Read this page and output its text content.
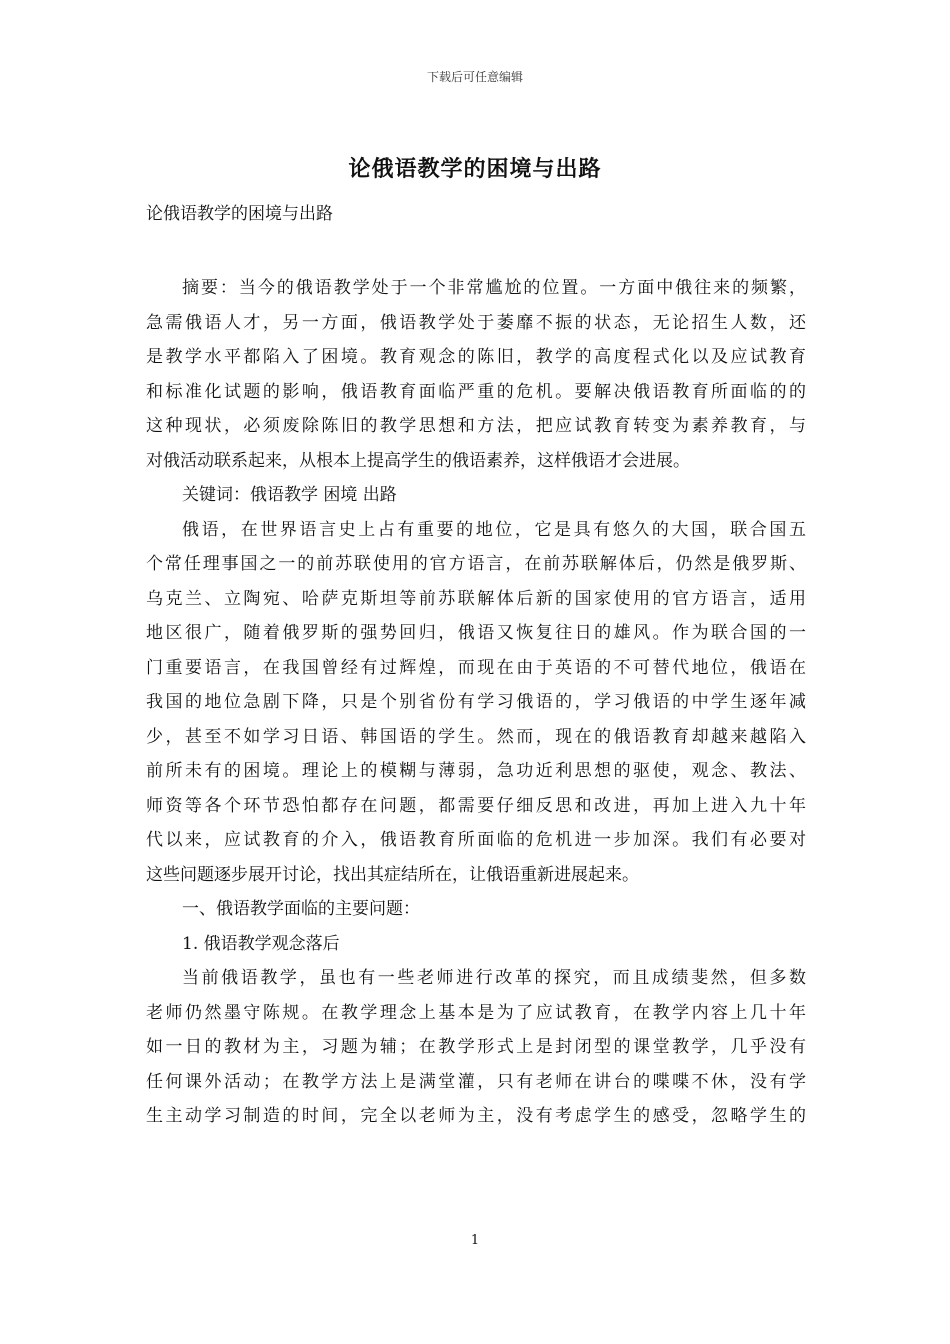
下载后可任意编辑
论俄语教学的困境与出路
论俄语教学的困境与出路
摘要：当今的俄语教学处于一个非常尴尬的位置。一方面中俄往来的频繁，
急需俄语人才，另一方面，俄语教学处于萎靡不振的状态，无论招生人数，还
是教学水平都陷入了困境。教育观念的陈旧，教学的高度程式化以及应试教育
和标准化试题的影响，俄语教育面临严重的危机。要解决俄语教育所面临的的
这种现状，必须废除陈旧的教学思想和方法，把应试教育转变为素养教育，与
对俄活动联系起来，从根本上提高学生的俄语素养，这样俄语才会进展。
关键词：俄语教学 困境 出路
俄语，在世界语言史上占有重要的地位，它是具有悠久的大国，联合国五
个常任理事国之一的前苏联使用的官方语言，在前苏联解体后，仍然是俄罗斯、
乌克兰、立陶宛、哈萨克斯坦等前苏联解体后新的国家使用的官方语言，适用
地区很广，随着俄罗斯的强势回归，俄语又恢复往日的雄风。作为联合国的一
门重要语言，在我国曾经有过辉煌，而现在由于英语的不可替代地位，俄语在
我国的地位急剧下降，只是个别省份有学习俄语的，学习俄语的中学生逐年减
少，甚至不如学习日语、韩国语的学生。然而，现在的俄语教育却越来越陷入
前所未有的困境。理论上的模糊与薄弱，急功近利思想的驱使，观念、教法、
师资等各个环节恐怕都存在问题，都需要仔细反思和改进，再加上进入九十年
代以来，应试教育的介入，俄语教育所面临的危机进一步加深。我们有必要对
这些问题逐步展开讨论，找出其症结所在，让俄语重新进展起来。
一、俄语教学面临的主要问题：
1. 俄语教学观念落后
当前俄语教学，虽也有一些老师进行改革的探究，而且成绩斐然，但多数
老师仍然墨守陈规。在教学理念上基本是为了应试教育，在教学内容上几十年
如一日的教材为主，习题为辅；在教学形式上是封闭型的课堂教学，几乎没有
任何课外活动；在教学方法上是满堂灌，只有老师在讲台的喋喋不休，没有学
生主动学习制造的时间，完全以老师为主，没有考虑学生的感受，忽略学生的
1
